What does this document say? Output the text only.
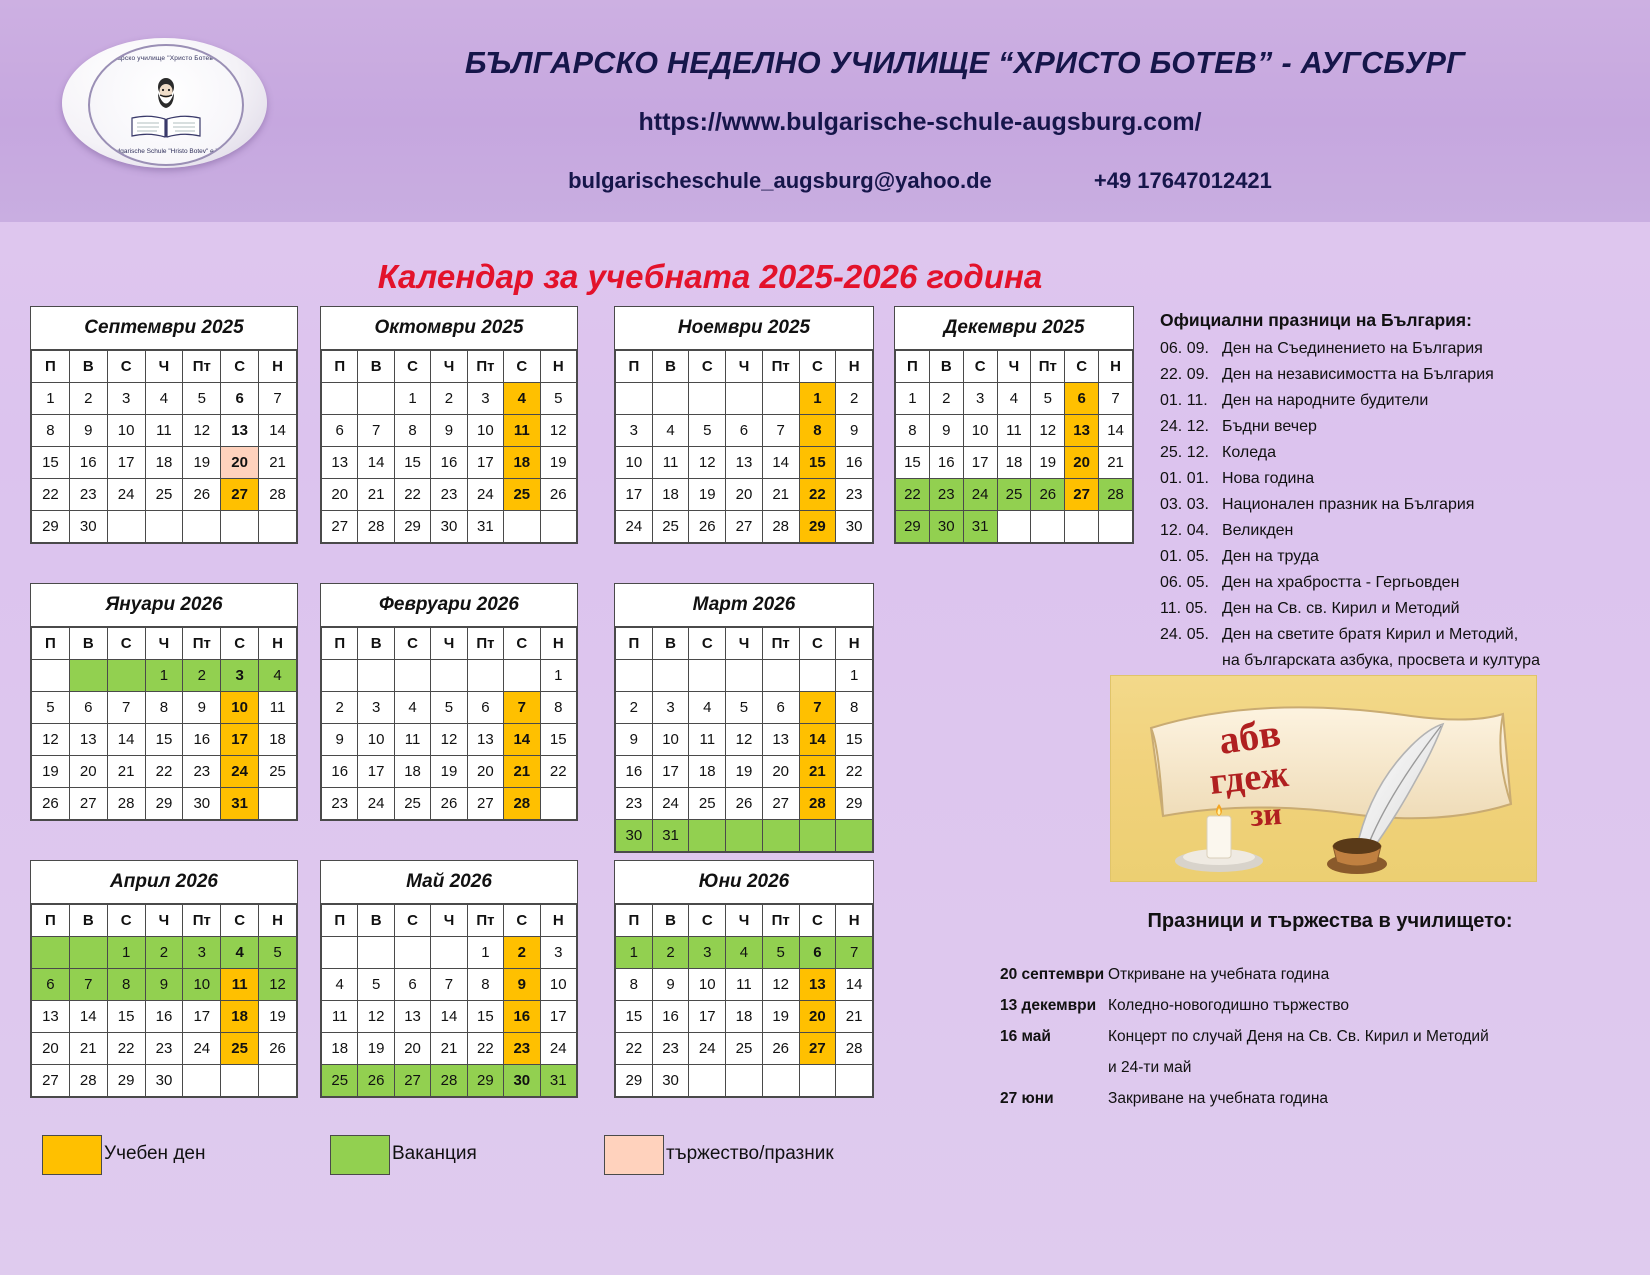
Българско училище "Христо Ботев" е.В.
Bulgarische Schule "Hristo Botev" e.V.
БЪЛГАРСКО НЕДЕЛНО УЧИЛИЩЕ “ХРИСТО БОТЕВ” - АУГСБУРГ
https://www.bulgarische-schule-augsburg.com/
bulgarischeschule_augsburg@yahoo.de	+49 17647012421
Календар за учебната 2025-2026 година
Септември 2025
П	В	С	Ч	Пт	С	Н
1	2	3	4	5	6	7
8	9	10	11	12	13	14
15	16	17	18	19	20	21
22	23	24	25	26	27	28
29	30					
Октомври 2025
П	В	С	Ч	Пт	С	Н
		1	2	3	4	5
6	7	8	9	10	11	12
13	14	15	16	17	18	19
20	21	22	23	24	25	26
27	28	29	30	31		
Ноември 2025
П	В	С	Ч	Пт	С	Н
					1	2
3	4	5	6	7	8	9
10	11	12	13	14	15	16
17	18	19	20	21	22	23
24	25	26	27	28	29	30
Декември 2025
П	В	С	Ч	Пт	С	Н
1	2	3	4	5	6	7
8	9	10	11	12	13	14
15	16	17	18	19	20	21
22	23	24	25	26	27	28
29	30	31				
Януари 2026
П	В	С	Ч	Пт	С	Н
			1	2	3	4
5	6	7	8	9	10	11
12	13	14	15	16	17	18
19	20	21	22	23	24	25
26	27	28	29	30	31	
Февруари 2026
П	В	С	Ч	Пт	С	Н
						1
2	3	4	5	6	7	8
9	10	11	12	13	14	15
16	17	18	19	20	21	22
23	24	25	26	27	28	
Март 2026
П	В	С	Ч	Пт	С	Н
						1
2	3	4	5	6	7	8
9	10	11	12	13	14	15
16	17	18	19	20	21	22
23	24	25	26	27	28	29
30	31					
Април 2026
П	В	С	Ч	Пт	С	Н
		1	2	3	4	5
6	7	8	9	10	11	12
13	14	15	16	17	18	19
20	21	22	23	24	25	26
27	28	29	30			
Май 2026
П	В	С	Ч	Пт	С	Н
				1	2	3
4	5	6	7	8	9	10
11	12	13	14	15	16	17
18	19	20	21	22	23	24
25	26	27	28	29	30	31
Юни 2026
П	В	С	Ч	Пт	С	Н
1	2	3	4	5	6	7
8	9	10	11	12	13	14
15	16	17	18	19	20	21
22	23	24	25	26	27	28
29	30					
Официални празници на България:
06. 09. Ден на Съединението на България
22. 09. Ден на независимостта на България
01. 11. Ден на народните будители
24. 12. Бъдни вечер
25. 12. Коледа
01. 01. Нова година
03. 03. Национален празник на България
12. 04. Великден
01. 05. Ден на труда
06. 05. Ден на храбростта - Гергьовден
11. 05. Ден на Св. св. Кирил и Методий
24. 05. Ден на светите братя Кирил и Методий,
на българската азбука, просвета и култура
абв
гдеж
зи
Празници и тържества в училището:
20 септември Откриване на учебната година
13 декември Коледно-новогодишно тържество
16 май	Концерт по случай Деня на Св. Св. Кирил и Методий
и 24-ти май
27 юни	Закриване на учебната година
Учебен ден	Ваканция	тържество/празник
